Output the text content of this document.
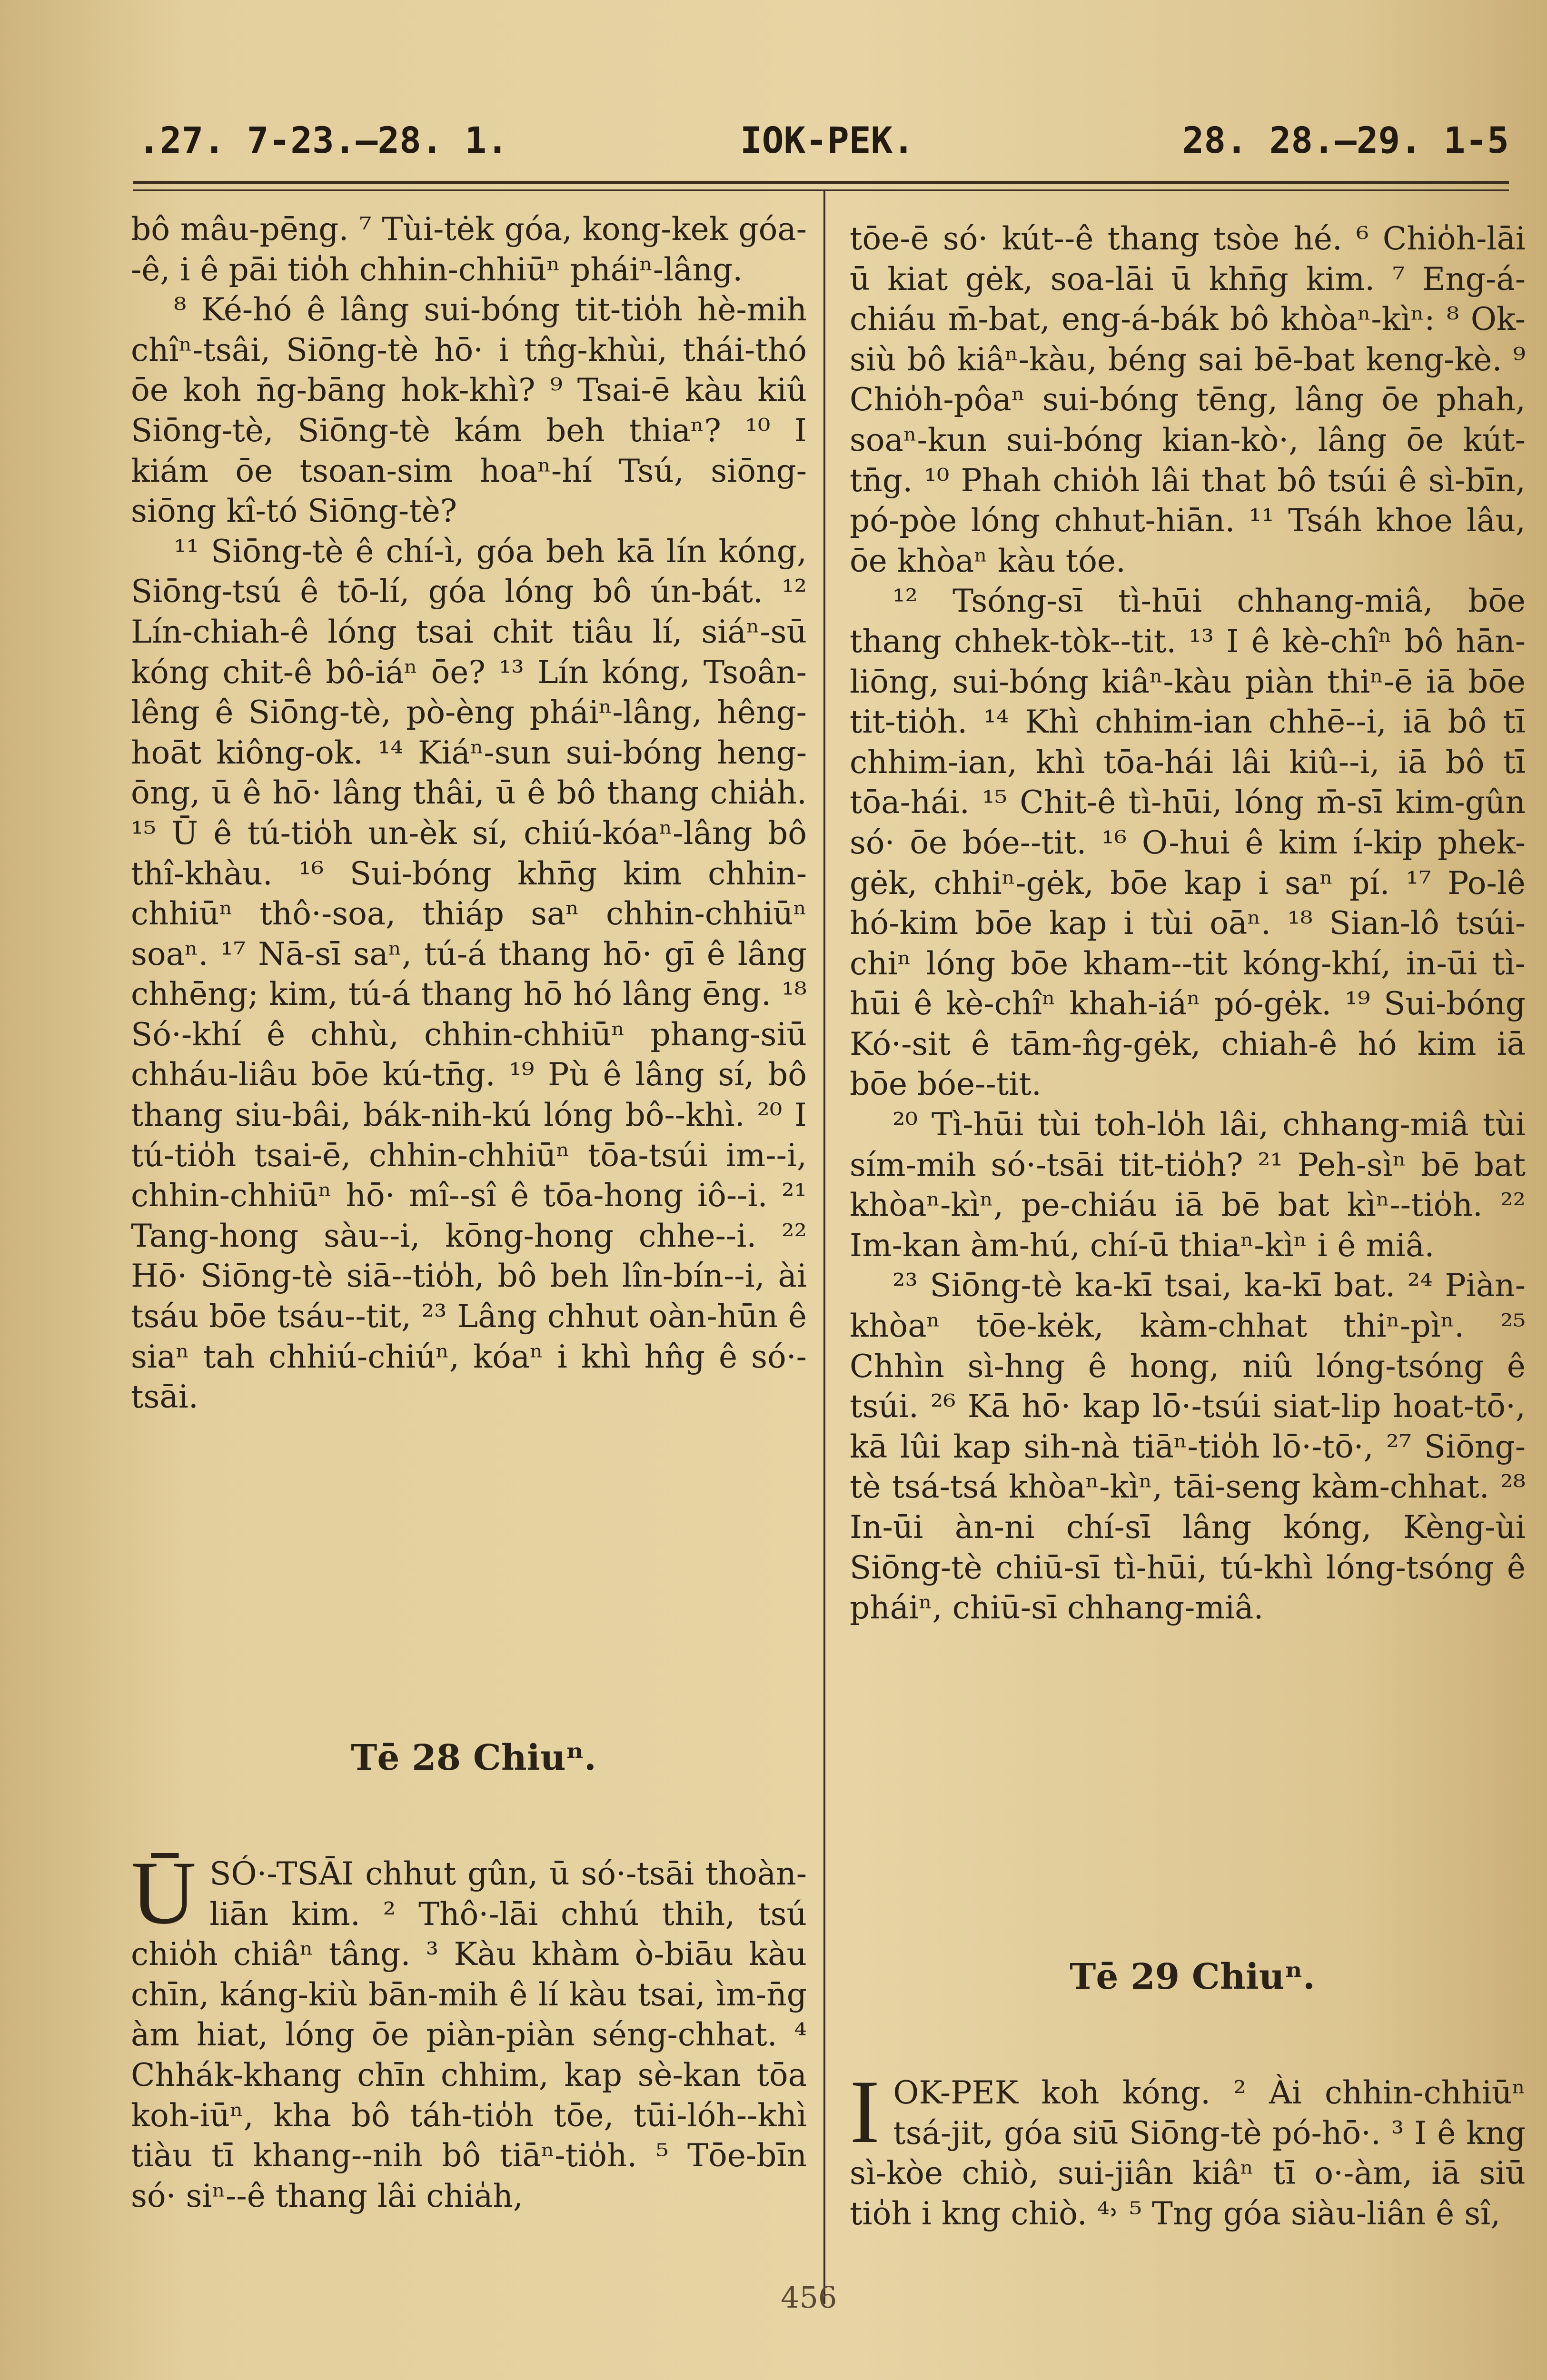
.27. 7-23.—28. 1.	IOK-PEK.	28. 28.—29. 1-5

bô mâu-pēng. ⁷ Tùi-tėk góa, kong-kek góa--ê, i ê pāi tio̍h chhin-chhiūⁿ pháiⁿ-lâng.

⁸ Ké-hó ê lâng sui-bóng tit-tio̍h hè-mih chîⁿ-tsâi, Siōng-tè hō· i tn̂g-khùi, thái-thó ōe koh n̄g-bāng hok-khì? ⁹ Tsai-ē kàu kiû Siōng-tè, Siōng-tè kám beh thiaⁿ? ¹⁰ I kiám ōe tsoan-sim hoaⁿ-hí Tsú, siōng-siōng kî-tó Siōng-tè?

¹¹ Siōng-tè ê chí-ì, góa beh kā lín kóng, Siōng-tsú ê tō-lí, góa lóng bô ún-bát. ¹² Lín-chiah-ê lóng tsai chit tiâu lí, siáⁿ-sū kóng chit-ê bô-iáⁿ ōe? ¹³ Lín kóng, Tsoân-lêng ê Siōng-tè, pò-èng pháiⁿ-lâng, hêng-hoāt kiông-ok. ¹⁴ Kiáⁿ-sun sui-bóng heng-ōng, ū ê hō· lâng thâi, ū ê bô thang chia̍h. ¹⁵ Ū ê tú-tio̍h un-èk sí, chiú-kóaⁿ-lâng bô thî-khàu. ¹⁶ Sui-bóng khn̄g kim chhin-chhiūⁿ thô·-soa, thiáp saⁿ chhin-chhiūⁿ soaⁿ. ¹⁷ Nā-sī saⁿ, tú-á thang hō· gī ê lâng chhēng; kim, tú-á thang hō hó lâng ēng. ¹⁸ Só·-khí ê chhù, chhin-chhiūⁿ phang-siū chháu-liâu bōe kú-tn̄g. ¹⁹ Pù ê lâng sí, bô thang siu-bâi, bák-nih-kú lóng bô--khì. ²⁰ I tú-tio̍h tsai-ē, chhin-chhiūⁿ tōa-tsúi im--i, chhin-chhiūⁿ hō· mî--sî ê tōa-hong iô--i. ²¹ Tang-hong sàu--i, kōng-hong chhe--i. ²² Hō· Siōng-tè siā--tio̍h, bô beh lîn-bín--i, ài tsáu bōe tsáu--tit, ²³ Lâng chhut oàn-hūn ê siaⁿ tah chhiú-chiúⁿ, kóaⁿ i khì hn̂g ê só·-tsāi.

Tē 28 Chiuⁿ.

ŪSÓ·-TSĀI chhut gûn, ū só·-tsāi thoàn-liān kim. ² Thô·-lāi chhú thih, tsú chio̍h chiâⁿ tâng. ³ Kàu khàm ò-biāu kàu chīn, káng-kiù bān-mih ê lí kàu tsai, ìm-n̄g àm hiat, lóng ōe piàn-piàn séng-chhat. ⁴ Chhák-khang chīn chhim, kap sè-kan tōa koh-iūⁿ, kha bô táh-tio̍h tōe, tūi-lóh--khì tiàu tī khang--nih bô tiāⁿ-tio̍h. ⁵ Tōe-bīn só· siⁿ--ê thang lâi chia̍h,

tōe-ē só· kút--ê thang tsòe hé. ⁶ Chio̍h-lāi ū kiat gėk, soa-lāi ū khn̄g kim. ⁷ Eng-á-chiáu m̄-bat, eng-á-bák bô khòaⁿ-kìⁿ: ⁸ Ok-siù bô kiâⁿ-kàu, béng sai bē-bat keng-kè. ⁹ Chio̍h-pôaⁿ sui-bóng tēng, lâng ōe phah, soaⁿ-kun sui-bóng kian-kò·, lâng ōe kút-tn̄g. ¹⁰ Phah chio̍h lâi that bô tsúi ê sì-bīn, pó-pòe lóng chhut-hiān. ¹¹ Tsáh khoe lâu, ōe khòaⁿ kàu tóe.

¹² Tsóng-sī tì-hūi chhang-miâ, bōe thang chhek-tòk--tit. ¹³ I ê kè-chîⁿ bô hān-liōng, sui-bóng kiâⁿ-kàu piàn thiⁿ-ē iā bōe tit-tio̍h. ¹⁴ Khì chhim-ian chhē--i, iā bô tī chhim-ian, khì tōa-hái lâi kiû--i, iā bô tī tōa-hái. ¹⁵ Chit-ê tì-hūi, lóng m̄-sī kim-gûn só· ōe bóe--tit. ¹⁶ O-hui ê kim í-kip phek-gėk, chhiⁿ-gėk, bōe kap i saⁿ pí. ¹⁷ Po-lê hó-kim bōe kap i tùi oāⁿ. ¹⁸ Sian-lô tsúi-chiⁿ lóng bōe kham--tit kóng-khí, in-ūi tì-hūi ê kè-chîⁿ khah-iáⁿ pó-gėk. ¹⁹ Sui-bóng Kó·-sit ê tām-n̂g-gėk, chiah-ê hó kim iā bōe bóe--tit.

²⁰ Tì-hūi tùi toh-lo̍h lâi, chhang-miâ tùi sím-mih só·-tsāi tit-tio̍h? ²¹ Peh-sìⁿ bē bat khòaⁿ-kìⁿ, pe-chiáu iā bē bat kìⁿ--tio̍h. ²² Im-kan àm-hú, chí-ū thiaⁿ-kìⁿ i ê miâ.

²³ Siōng-tè ka-kī tsai, ka-kī bat. ²⁴ Piàn-khòaⁿ tōe-kėk, kàm-chhat thiⁿ-pìⁿ. ²⁵ Chhìn sì-hng ê hong, niû lóng-tsóng ê tsúi. ²⁶ Kā hō· kap lō·-tsúi siat-lip hoat-tō·, kā lûi kap sih-nà tiāⁿ-tio̍h lō·-tō·, ²⁷ Siōng-tè tsá-tsá khòaⁿ-kìⁿ, tāi-seng kàm-chhat. ²⁸ In-ūi àn-ni chí-sī lâng kóng, Kèng-ùi Siōng-tè chiū-sī tì-hūi, tú-khì lóng-tsóng ê pháiⁿ, chiū-sī chhang-miâ.

Tē 29 Chiuⁿ.

IOK-PEK koh kóng. ² Ài chhin-chhiūⁿ tsá-jit, góa siū Siōng-tè pó-hō·. ³ I ê kng sì-kòe chiò, sui-jiân kiâⁿ tī o·-àm, iā siū tio̍h i kng chiò. ⁴˒ ⁵ Tng góa siàu-liân ê sî,

456
